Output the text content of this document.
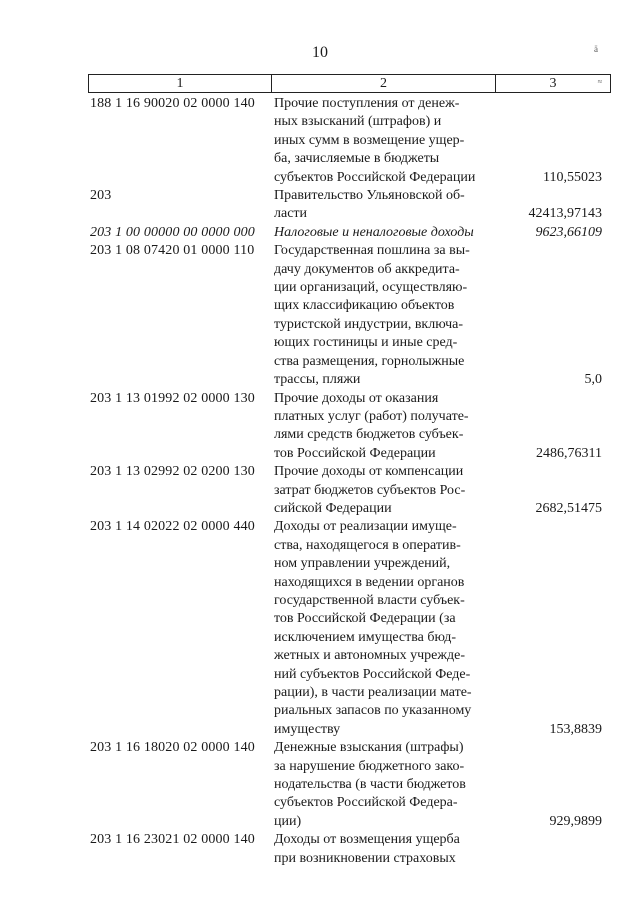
10	ä
1	2	3	≈
188 1 16 90020 02 0000 140	Прочие поступления от денеж-
ных взысканий (штрафов) и
иных сумм в возмещение ущер-
ба, зачисляемые в бюджеты
субъектов Российской Федерации	110,55023
203	Правительство Ульяновской об-
ласти	42413,97143
203 1 00 00000 00 0000 000	Налоговые и неналоговые доходы	9623,66109
203 1 08 07420 01 0000 110	Государственная пошлина за вы-
дачу документов об аккредита-
ции организаций, осуществляю-
щих классификацию объектов
туристской индустрии, включа-
ющих гостиницы и иные сред-
ства размещения, горнолыжные
трассы, пляжи	5,0
203 1 13 01992 02 0000 130	Прочие доходы от оказания
платных услуг (работ) получате-
лями средств бюджетов субъек-
тов Российской Федерации	2486,76311
203 1 13 02992 02 0200 130	Прочие доходы от компенсации
затрат бюджетов субъектов Рос-
сийской Федерации	2682,51475
203 1 14 02022 02 0000 440	Доходы от реализации имуще-
ства, находящегося в оператив-
ном управлении учреждений,
находящихся в ведении органов
государственной власти субъек-
тов Российской Федерации (за
исключением имущества бюд-
жетных и автономных учрежде-
ний субъектов Российской Феде-
рации), в части реализации мате-
риальных запасов по указанному
имуществу	153,8839
203 1 16 18020 02 0000 140	Денежные взыскания (штрафы)
за нарушение бюджетного зако-
нодательства (в части бюджетов
субъектов Российской Федера-
ции)	929,9899
203 1 16 23021 02 0000 140	Доходы от возмещения ущерба
при возникновении страховых
